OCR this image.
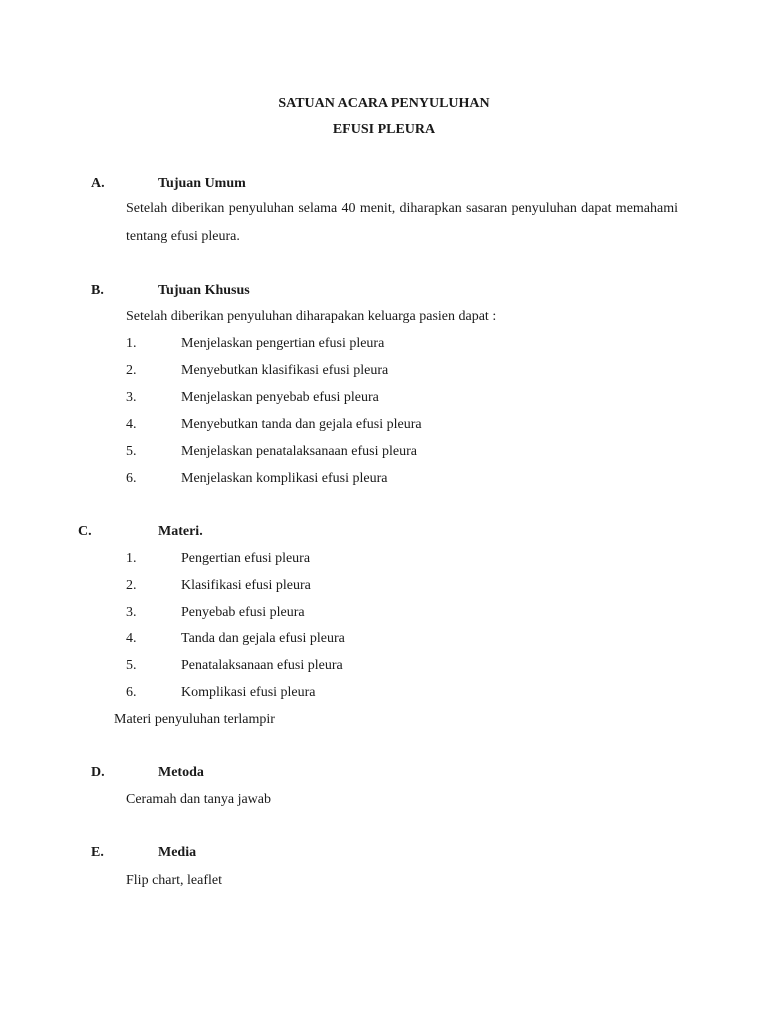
SATUAN ACARA PENYULUHAN
EFUSI PLEURA
A.	Tujuan Umum
Setelah diberikan penyuluhan selama 40 menit, diharapkan sasaran penyuluhan dapat memahami tentang efusi pleura.
B.	Tujuan Khusus
Setelah diberikan penyuluhan diharapakan keluarga pasien dapat :
1.	Menjelaskan pengertian efusi pleura
2.	Menyebutkan klasifikasi efusi pleura
3.	Menjelaskan penyebab efusi pleura
4.	Menyebutkan tanda dan gejala efusi pleura
5.	Menjelaskan penatalaksanaan efusi pleura
6.	Menjelaskan komplikasi efusi pleura
C.	Materi.
1.	Pengertian efusi pleura
2.	Klasifikasi efusi pleura
3.	Penyebab efusi pleura
4.	Tanda dan gejala efusi pleura
5.	Penatalaksanaan efusi pleura
6.	Komplikasi efusi pleura
Materi penyuluhan terlampir
D.	Metoda
Ceramah dan tanya jawab
E.	Media
Flip chart, leaflet
